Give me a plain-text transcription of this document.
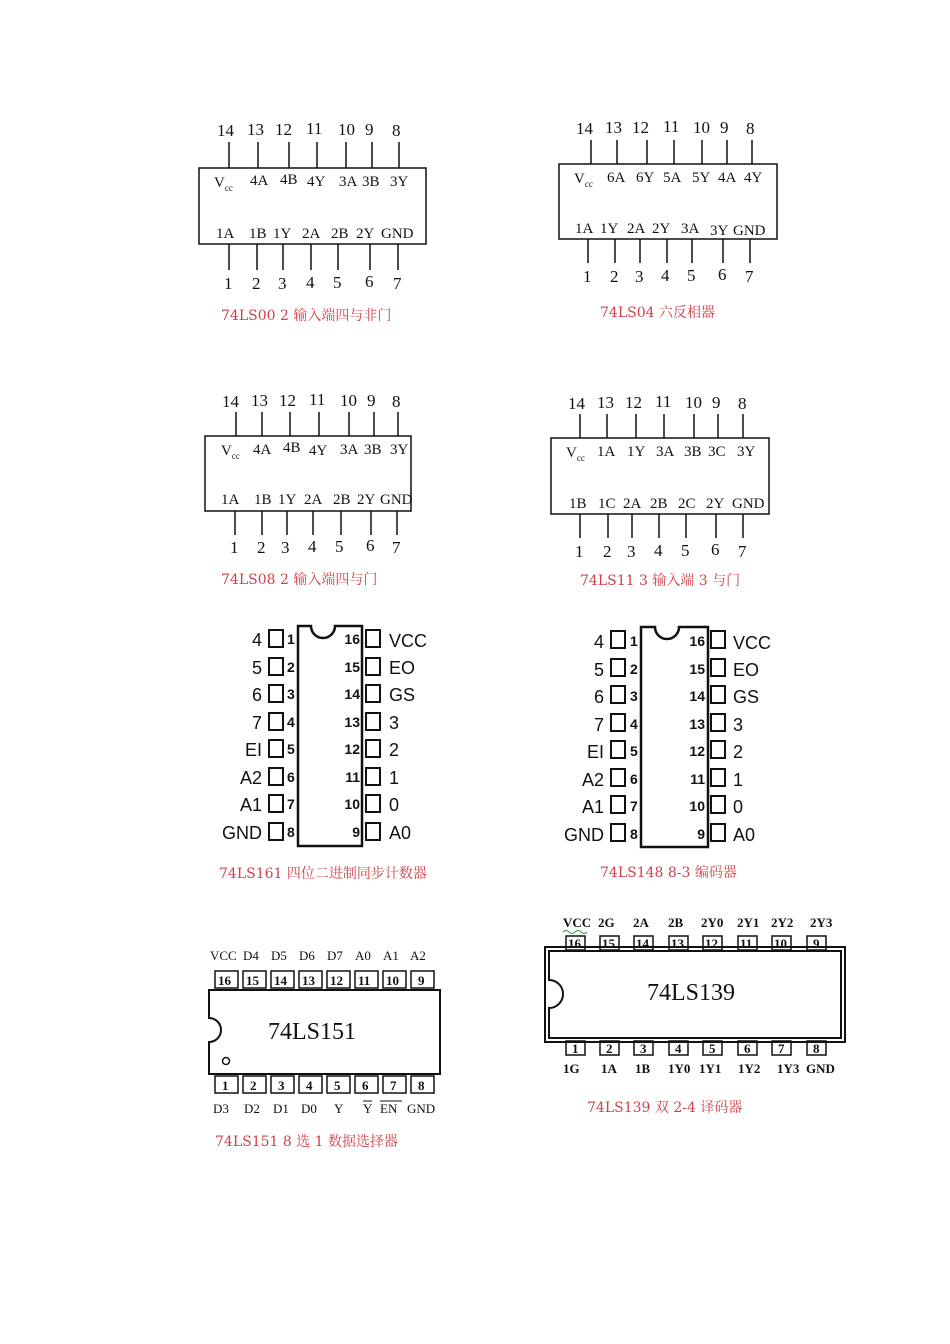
14 13 12 11 10 9 8
$V_{cc}$ 4A 4B 4Y 3A 3B 3Y
1A 1B 1Y 2A 2B 2Y GND
1 2 3 4 5 6 7
74LS00 2 输入端四与非门
14 13 12 11 10 9 8
$V_{cc}$ 6A 6Y 5A 5Y 4A 4Y
1A 1Y 2A 2Y 3A 3Y GND
1 2 3 4 5 6 7
74LS04 六反相器
14 13 12 11 10 9 8
$V_{cc}$ 4A 4B 4Y 3A 3B 3Y
1A 1B 1Y 2A 2B 2Y GND
1 2 3 4 5 6 7
74LS08 2 输入端四与门
14 13 12 11 10 9 8
$V_{cc}$ 1A 1Y 3A 3B 3C 3Y
1B 1C 2A 2B 2C 2Y GND
1 2 3 4 5 6 7
74LS11 3 输入端 3 与门
4
5
6
7
EI
A2
A1
GND
1
2
3
4
5
6
7
8
16
15
14
13
12
11
10
9
VCC
EO
GS
3
2
1
0
A0
74LS161 四位二进制同步计数器
4
5
6
7
EI
A2
A1
GND
1
2
3
4
5
6
7
8
16
15
14
13
12
11
10
9
VCC
EO
GS
3
2
1
0
A0
74LS148 8-3 编码器
VCC D4 D5 D6 D7 A0 A1 A2
16 15 14 13 12 11 10 9
74LS151
1 2 3 4 5 6 7 8
D3 D2 D1 D0 Y Y EN GND
74LS151 8 选 1 数据选择器
VCC 2G 2A 2B 2Y0 2Y1 2Y2 2Y3
16 15 14 13 12 11 10 9
74LS139
1 2 3 4 5 6 7 8
1G 1A 1B 1Y0 1Y1 1Y2 1Y3 GND
74LS139 双 2-4 译码器
